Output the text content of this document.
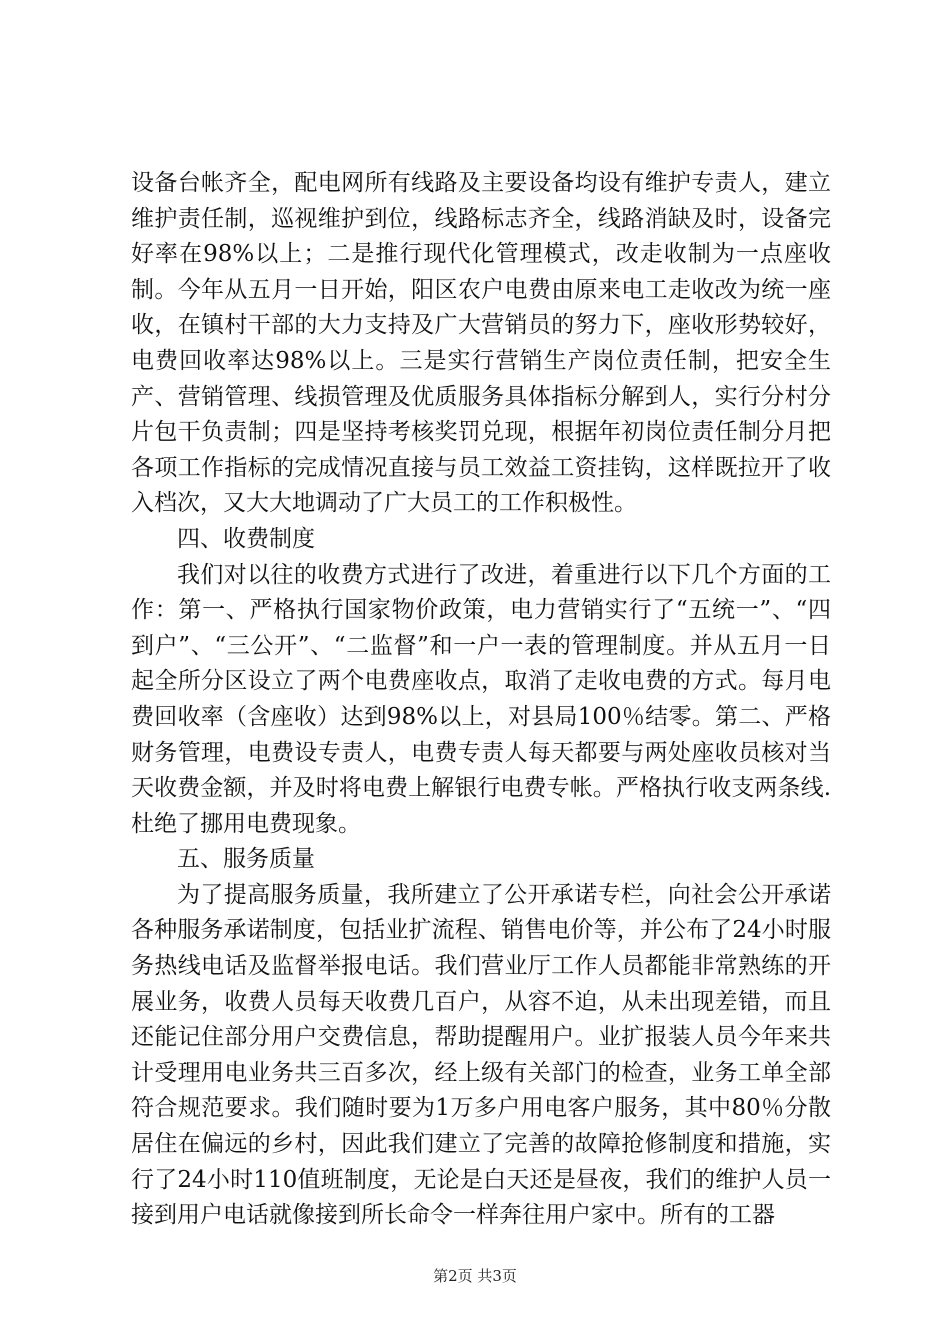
设备台帐齐全，配电网所有线路及主要设备均设有维护专责人，建立维护责任制，巡视维护到位，线路标志齐全，线路消缺及时，设备完好率在98%以上；二是推行现代化管理模式，改走收制为一点座收制。今年从五月一日开始，阳区农户电费由原来电工走收改为统一座收，在镇村干部的大力支持及广大营销员的努力下，座收形势较好，电费回收率达98%以上。三是实行营销生产岗位责任制，把安全生产、营销管理、线损管理及优质服务具体指标分解到人，实行分村分片包干负责制；四是坚持考核奖罚兑现，根据年初岗位责任制分月把各项工作指标的完成情况直接与员工效益工资挂钩，这样既拉开了收入档次，又大大地调动了广大员工的工作积极性。

四、收费制度

我们对以往的收费方式进行了改进，着重进行以下几个方面的工作：第一、严格执行国家物价政策，电力营销实行了“五统一”、“四到户”、“三公开”、“二监督”和一户一表的管理制度。并从五月一日起全所分区设立了两个电费座收点，取消了走收电费的方式。每月电费回收率（含座收）达到98%以上，对县局100％结零。第二、严格财务管理，电费设专责人，电费专责人每天都要与两处座收员核对当天收费金额，并及时将电费上解银行电费专帐。严格执行收支两条线.杜绝了挪用电费现象。

五、服务质量

为了提高服务质量，我所建立了公开承诺专栏，向社会公开承诺各种服务承诺制度，包括业扩流程、销售电价等，并公布了24小时服务热线电话及监督举报电话。我们营业厅工作人员都能非常熟练的开展业务，收费人员每天收费几百户，从容不迫，从未出现差错，而且还能记住部分用户交费信息，帮助提醒用户。业扩报装人员今年来共计受理用电业务共三百多次，经上级有关部门的检查，业务工单全部符合规范要求。我们随时要为1万多户用电客户服务，其中80％分散居住在偏远的乡村，因此我们建立了完善的故障抢修制度和措施，实行了24小时110值班制度，无论是白天还是昼夜，我们的维护人员一接到用户电话就像接到所长命令一样奔往用户家中。所有的工器

第2页 共3页
